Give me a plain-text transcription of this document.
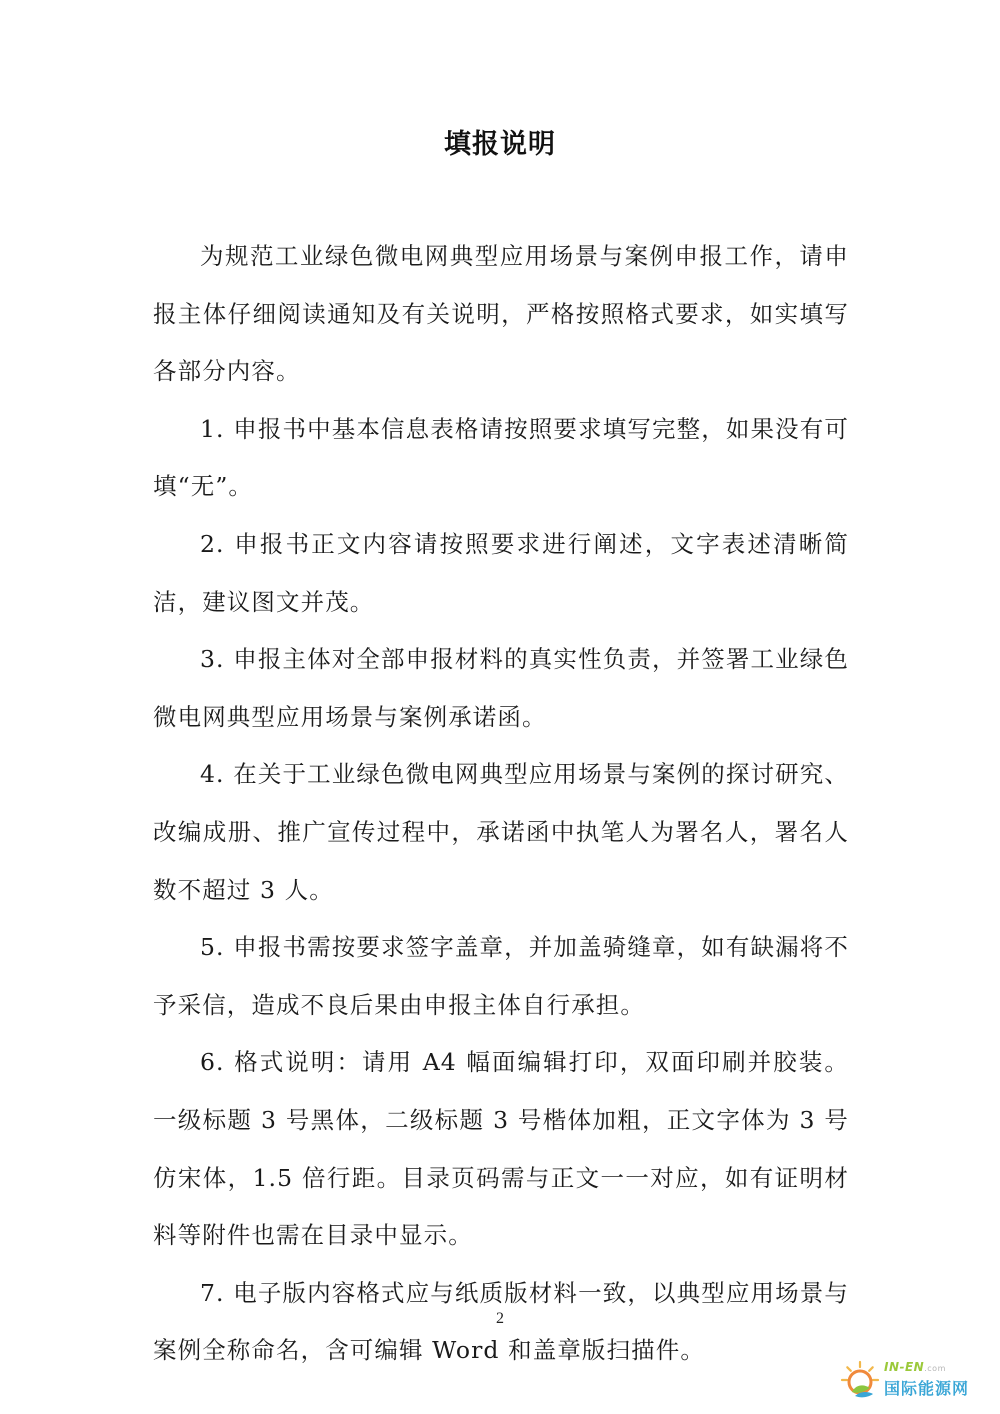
填报说明

为规范工业绿色微电网典型应用场景与案例申报工作，请申报主体仔细阅读通知及有关说明，严格按照格式要求，如实填写各部分内容。

1. 申报书中基本信息表格请按照要求填写完整，如果没有可填“无”。

2. 申报书正文内容请按照要求进行阐述，文字表述清晰简洁，建议图文并茂。

3. 申报主体对全部申报材料的真实性负责，并签署工业绿色微电网典型应用场景与案例承诺函。

4. 在关于工业绿色微电网典型应用场景与案例的探讨研究、改编成册、推广宣传过程中，承诺函中执笔人为署名人，署名人数不超过 3 人。

5. 申报书需按要求签字盖章，并加盖骑缝章，如有缺漏将不予采信，造成不良后果由申报主体自行承担。

6. 格式说明：请用 A4 幅面编辑打印，双面印刷并胶装。一级标题 3 号黑体，二级标题 3 号楷体加粗，正文字体为 3 号仿宋体，1.5 倍行距。目录页码需与正文一一对应，如有证明材料等附件也需在目录中显示。

7. 电子版内容格式应与纸质版材料一致，以典型应用场景与案例全称命名，含可编辑 Word 和盖章版扫描件。

2
IN-EN.com
国际能源网
